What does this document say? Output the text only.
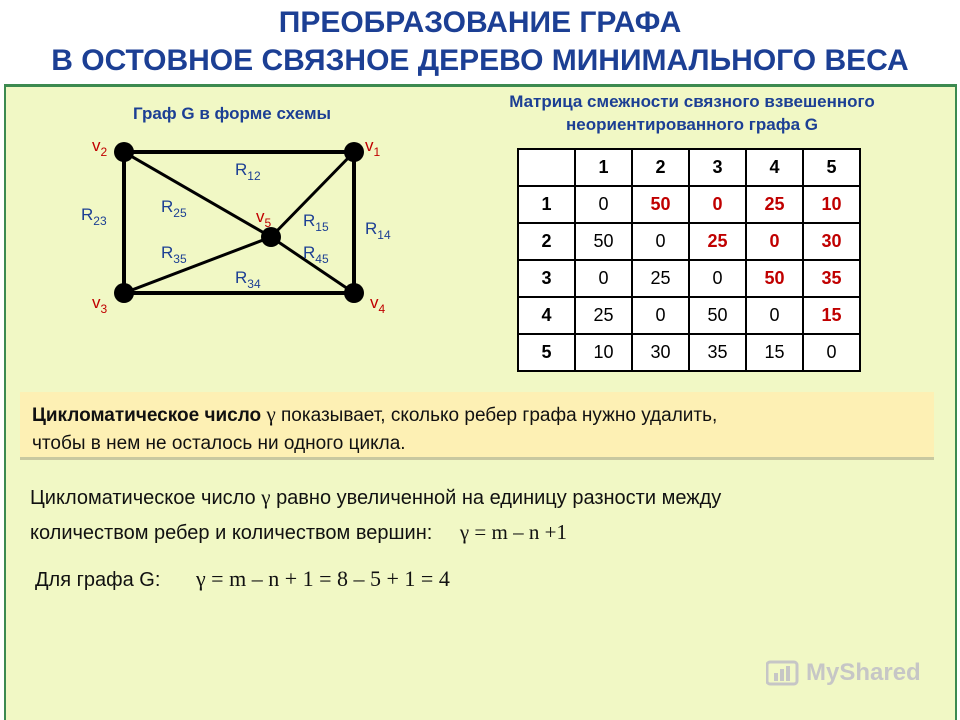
ПРЕОБРАЗОВАНИЕ ГРАФА
В ОСТОВНОЕ СВЯЗНОЕ ДЕРЕВО МИНИМАЛЬНОГО ВЕСА
Граф G в форме схемы
$v_2$	$v_1$
$v_3$	$v_4$
$v_5$
$R_{12}$
$R_{23}$
$R_{25}$
$R_{35}$
$R_{34}$
$R_{15}$
$R_{45}$
$R_{14}$
Матрица смежности связного взвешенного
неориентированного графа G
	1	2	3	4	5
1	0	50	0	25	10
2	50	0	25	0	30
3	0	25	0	50	35
4	25	0	50	0	15
5	10	30	35	15	0
Цикломатическое число γ показывает, сколько ребер графа нужно удалить,
чтобы в нем не осталось ни одного цикла.
Цикломатическое число γ равно увеличенной на единицу разности между
количеством ребер и количеством вершин: γ = m – n +1
Для графа G: γ = m – n + 1 = 8 – 5 + 1 = 4
MyShared
